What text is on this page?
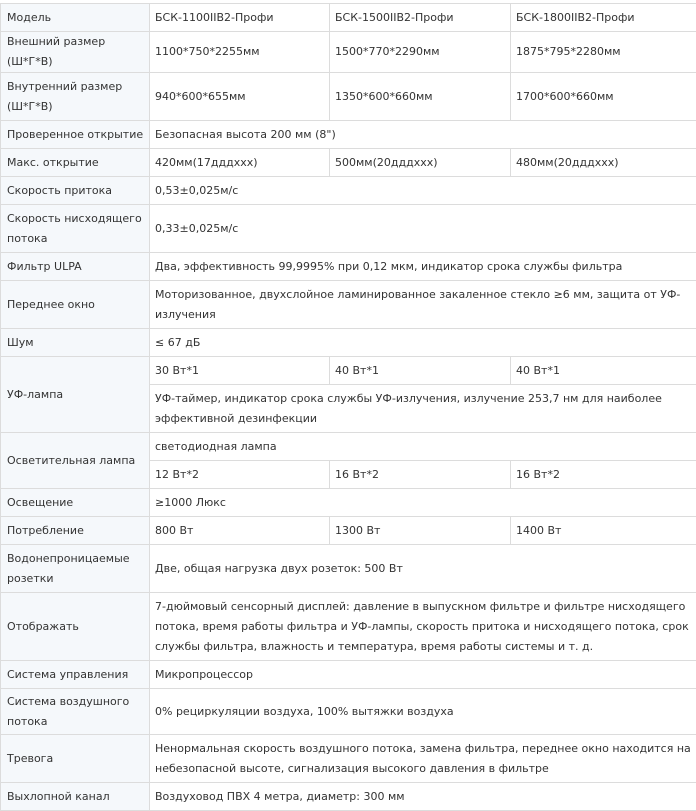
Модель	БСК-1100IIВ2-Профи	БСК-1500IIВ2-Профи	БСК-1800IIВ2-Профи
Внешний размер (Ш*Г*В)	1100*750*2255мм	1500*770*2290мм	1875*795*2280мм
Внутренний размер (Ш*Г*В)	940*600*655мм	1350*600*660мм	1700*600*660мм
Проверенное открытие	Безопасная высота 200 мм (8")		
Макс. открытие	420мм(17дддххх)	500мм(20дддххх)	480мм(20дддххх)
Скорость притока	0,53±0,025м/с		
Скорость нисходящего потока	0,33±0,025м/с		
Фильтр ULPA	Два, эффективность 99,9995% при 0,12 мкм, индикатор срока службы фильтра		
Переднее окно	Моторизованное, двухслойное ламинированное закаленное стекло ≥6 мм, защита от УФ-излучения		
Шум	≤ 67 дБ		
УФ-лампа	30 Вт*1	40 Вт*1	40 Вт*1
	УФ-таймер, индикатор срока службы УФ-излучения, излучение 253,7 нм для наиболее эффективной дезинфекции		
Осветительная лампа	светодиодная лампа		
	12 Вт*2	16 Вт*2	16 Вт*2
Освещение	≥1000 Люкс		
Потребление	800 Вт	1300 Вт	1400 Вт
Водонепроницаемые розетки	Две, общая нагрузка двух розеток: 500 Вт		
Отображать	7-дюймовый сенсорный дисплей: давление в выпускном фильтре и фильтре нисходящего потока, время работы фильтра и УФ-лампы, скорость притока и нисходящего потока, срок службы фильтра, влажность и температура, время работы системы и т. д.		
Система управления	Микропроцессор		
Система воздушного потока	0% рециркуляции воздуха, 100% вытяжки воздуха		
Тревога	Ненормальная скорость воздушного потока, замена фильтра, переднее окно находится на небезопасной высоте, сигнализация высокого давления в фильтре		
Выхлопной канал	Воздуховод ПВХ 4 метра, диаметр: 300 мм		
